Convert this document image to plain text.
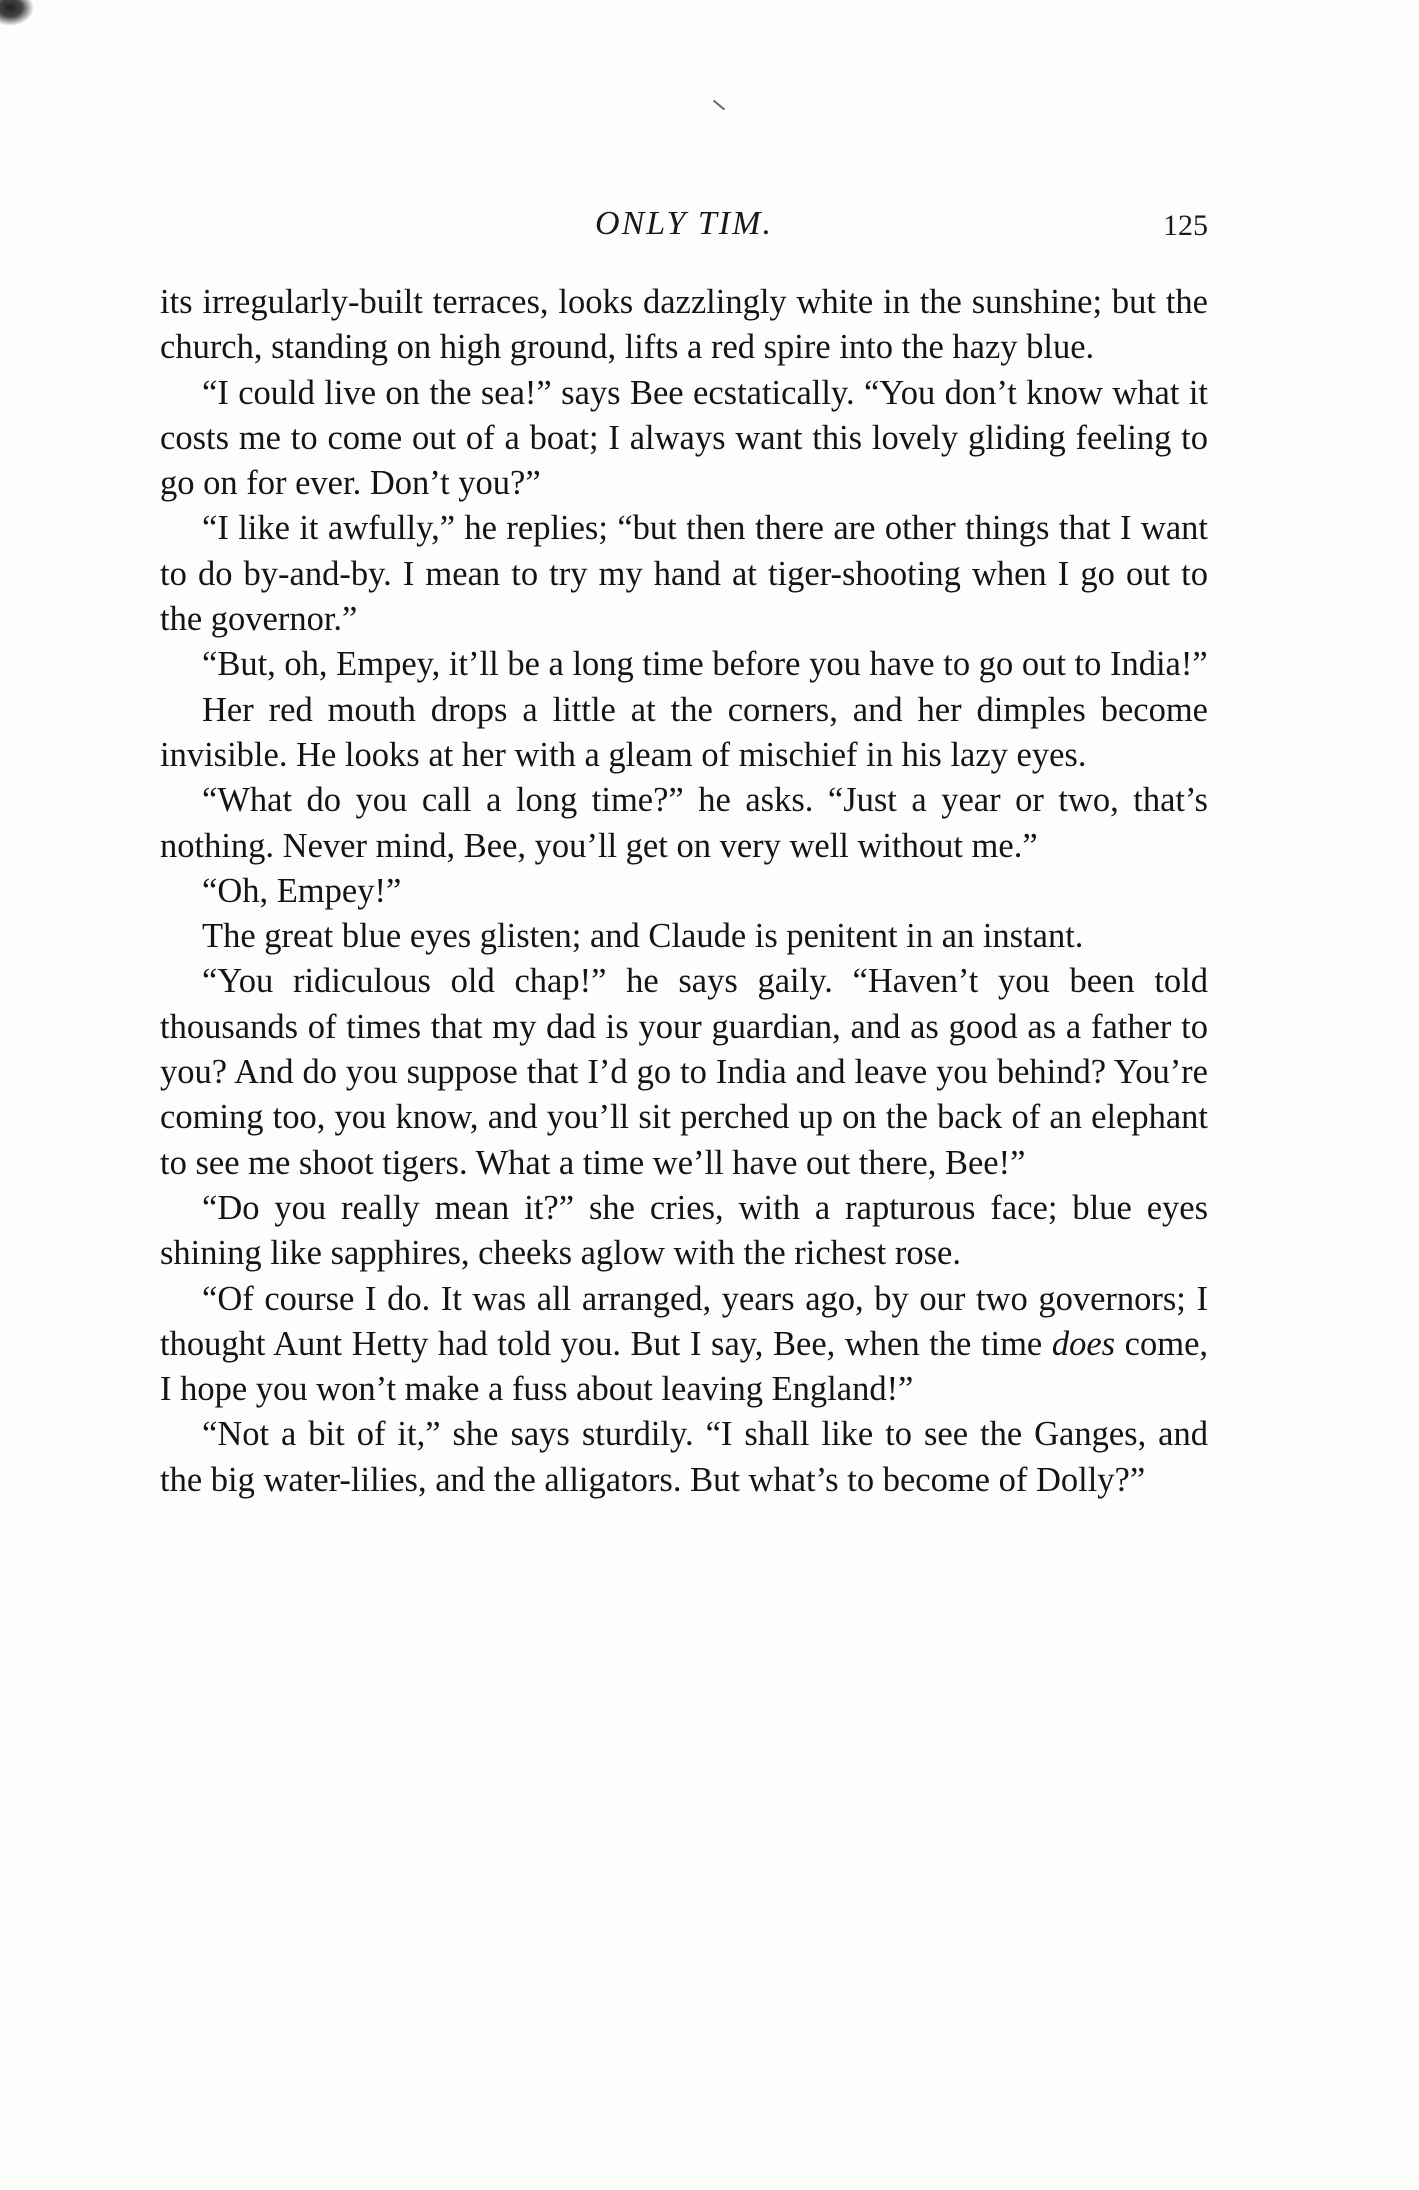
ONLY TIM.	125

its irregularly-built terraces, looks dazzlingly white in the sunshine; but the church, standing on high ground, lifts a red spire into the hazy blue.

“I could live on the sea!” says Bee ecstatically. “You don’t know what it costs me to come out of a boat; I always want this lovely gliding feeling to go on for ever. Don’t you?”

“I like it awfully,” he replies; “but then there are other things that I want to do by-and-by. I mean to try my hand at tiger-shooting when I go out to the governor.”

“But, oh, Empey, it’ll be a long time before you have to go out to India!”

Her red mouth drops a little at the corners, and her dimples become invisible. He looks at her with a gleam of mischief in his lazy eyes.

“What do you call a long time?” he asks. “Just a year or two, that’s nothing. Never mind, Bee, you’ll get on very well without me.”

“Oh, Empey!”

The great blue eyes glisten; and Claude is penitent in an instant.

“You ridiculous old chap!” he says gaily. “Haven’t you been told thousands of times that my dad is your guardian, and as good as a father to you? And do you suppose that I’d go to India and leave you behind? You’re coming too, you know, and you’ll sit perched up on the back of an elephant to see me shoot tigers. What a time we’ll have out there, Bee!”

“Do you really mean it?” she cries, with a rapturous face; blue eyes shining like sapphires, cheeks aglow with the richest rose.

“Of course I do. It was all arranged, years ago, by our two governors; I thought Aunt Hetty had told you. But I say, Bee, when the time does come, I hope you won’t make a fuss about leaving England!”

“Not a bit of it,” she says sturdily. “I shall like to see the Ganges, and the big water-lilies, and the alligators. But what’s to become of Dolly?”
